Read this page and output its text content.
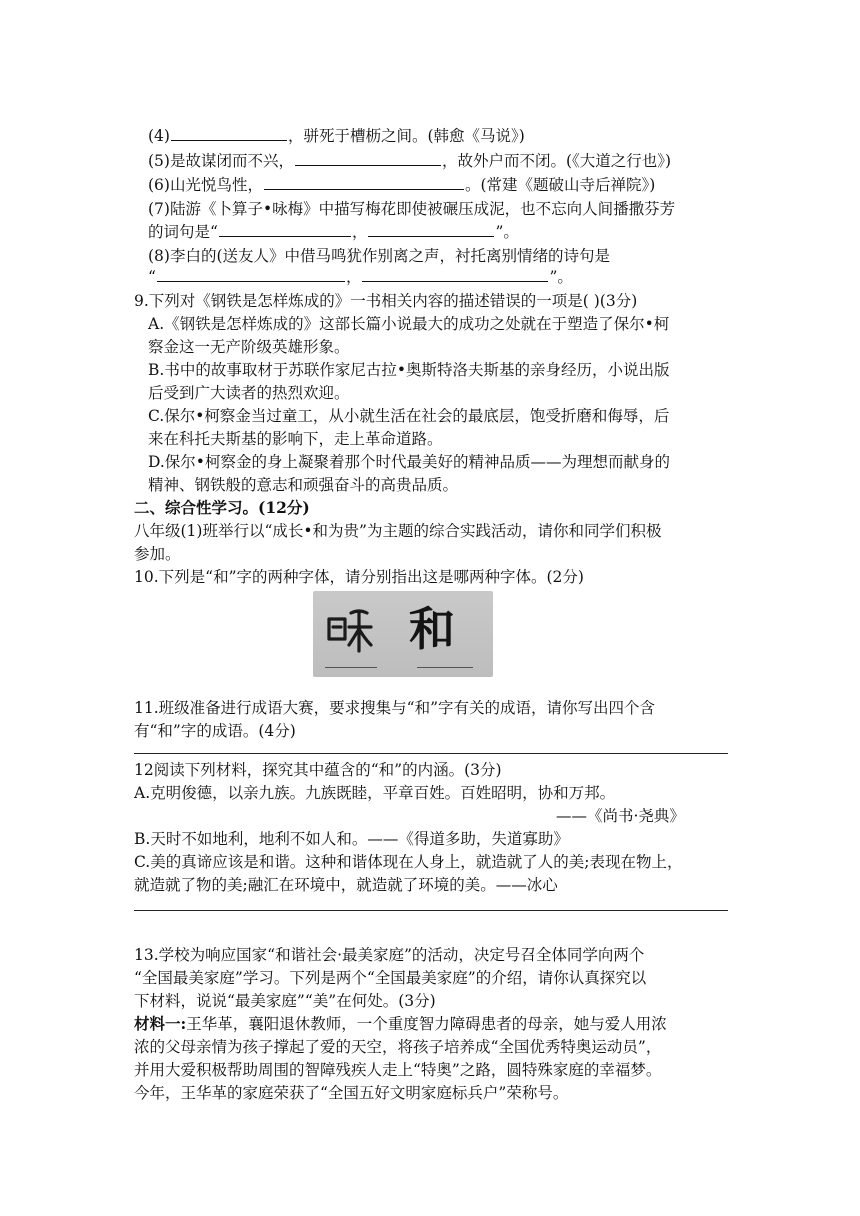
(4)	，骈死于槽枥之间。(韩愈《马说》)
(5)是故谋闭而不兴，	，故外户而不闭。(《大道之行也》)
(6)山光悦鸟性，	。(常建《题破山寺后禅院》)
(7)陆游《卜算子•咏梅》中描写梅花即使被碾压成泥，也不忘向人间播撒芬芳
的词句是“	，	”。
(8)李白的(送友人》中借马鸣犹作别离之声，衬托离别情绪的诗句是
“	，	”。
9.下列对《钢铁是怎样炼成的》一书相关内容的描述错误的一项是( )(3分)
A.《钢铁是怎样炼成的》这部长篇小说最大的成功之处就在于塑造了保尔•柯
察金这一无产阶级英雄形象。
B.书中的故事取材于苏联作家尼古拉•奥斯特洛夫斯基的亲身经历，小说出版
后受到广大读者的热烈欢迎。
C.保尔•柯察金当过童工，从小就生活在社会的最底层，饱受折磨和侮辱，后
来在科托夫斯基的影响下，走上革命道路。
D.保尔•柯察金的身上凝聚着那个时代最美好的精神品质——为理想而献身的
精神、钢铁般的意志和顽强奋斗的高贵品质。
二、综合性学习。(12分)
八年级(1)班举行以“成长•和为贵”为主题的综合实践活动，请你和同学们积极
参加。
10.下列是“和”字的两种字体，请分别指出这是哪两种字体。(2分)
和
11.班级准备进行成语大赛，要求搜集与“和”字有关的成语，请你写出四个含
有“和”字的成语。(4分)
12阅读下列材料，探究其中蕴含的“和”的内涵。(3分)
A.克明俊德，以亲九族。九族既睦，平章百姓。百姓昭明，协和万邦。
——《尚书·尧典》
B.天时不如地利，地利不如人和。——《得道多助，失道寡助》
C.美的真谛应该是和谐。这种和谐体现在人身上，就造就了人的美;表现在物上，
就造就了物的美;融汇在环境中，就造就了环境的美。——冰心
13.学校为响应国家“和谐社会·最美家庭”的活动，决定号召全体同学向两个
“全国最美家庭”学习。下列是两个“全国最美家庭”的介绍，请你认真探究以
下材料，说说“最美家庭”“美”在何处。(3分)
材料一:王华革，襄阳退休教师，一个重度智力障碍患者的母亲，她与爱人用浓
浓的父母亲情为孩子撑起了爱的天空，将孩子培养成“全国优秀特奥运动员”，
并用大爱积极帮助周围的智障残疾人走上“特奥”之路，圆特殊家庭的幸福梦。
今年，王华革的家庭荣获了“全国五好文明家庭标兵户”荣称号。
